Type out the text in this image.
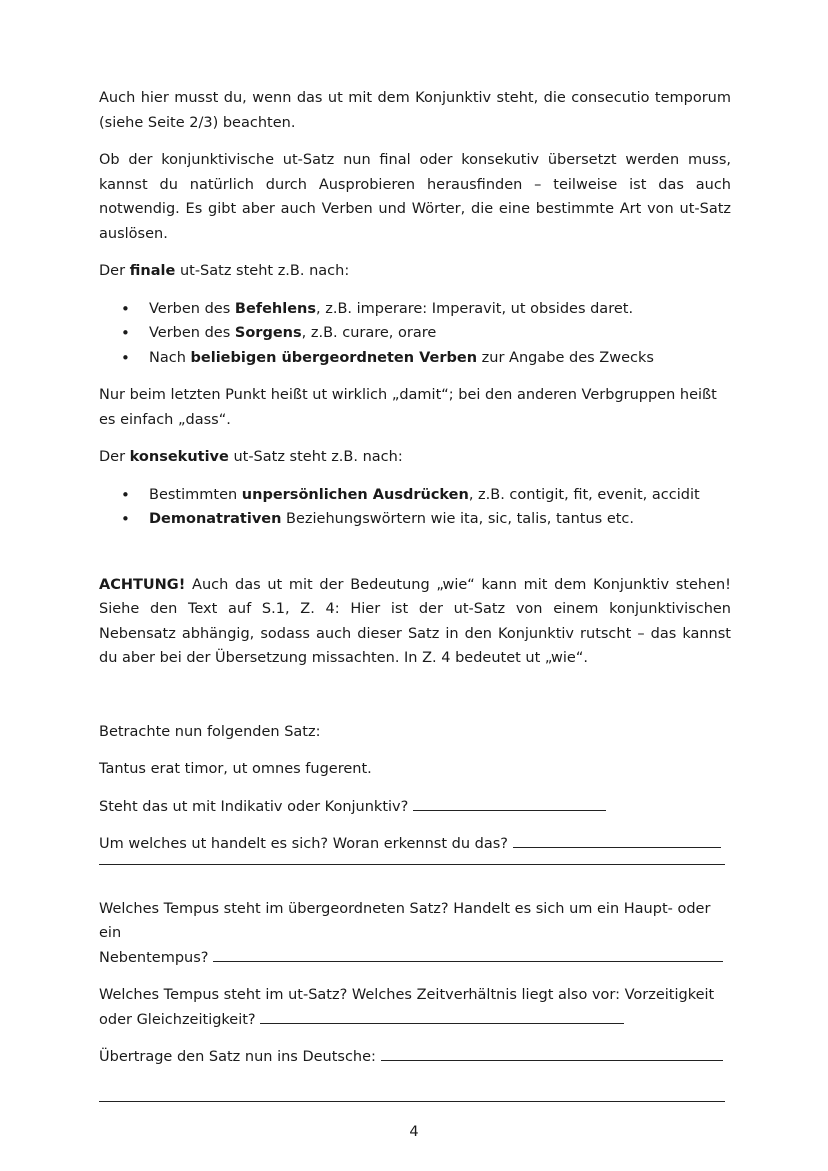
Auch hier musst du, wenn das ut mit dem Konjunktiv steht, die consecutio temporum (siehe Seite 2/3) beachten.

Ob der konjunktivische ut-Satz nun final oder konsekutiv übersetzt werden muss, kannst du natürlich durch Ausprobieren herausfinden – teilweise ist das auch notwendig. Es gibt aber auch Verben und Wörter, die eine bestimmte Art von ut-Satz auslösen.

Der finale ut-Satz steht z.B. nach:

• Verben des Befehlens, z.B. imperare: Imperavit, ut obsides daret.
• Verben des Sorgens, z.B. curare, orare
• Nach beliebigen übergeordneten Verben zur Angabe des Zwecks

Nur beim letzten Punkt heißt ut wirklich „damit“; bei den anderen Verbgruppen heißt es einfach „dass“.

Der konsekutive ut-Satz steht z.B. nach:

• Bestimmten unpersönlichen Ausdrücken, z.B. contigit, fit, evenit, accidit
• Demonatrativen Beziehungswörtern wie ita, sic, talis, tantus etc.

ACHTUNG! Auch das ut mit der Bedeutung „wie“ kann mit dem Konjunktiv stehen! Siehe den Text auf S.1, Z. 4: Hier ist der ut-Satz von einem konjunktivischen Nebensatz abhängig, sodass auch dieser Satz in den Konjunktiv rutscht – das kannst du aber bei der Übersetzung missachten. In Z. 4 bedeutet ut „wie“.

Betrachte nun folgenden Satz:

Tantus erat timor, ut omnes fugerent.

Steht das ut mit Indikativ oder Konjunktiv?

Um welches ut handelt es sich? Woran erkennst du das?

Welches Tempus steht im übergeordneten Satz? Handelt es sich um ein Haupt- oder ein

Nebentempus?

Welches Tempus steht im ut-Satz? Welches Zeitverhältnis liegt also vor: Vorzeitigkeit

oder Gleichzeitigkeit?

Übertrage den Satz nun ins Deutsche:

4
